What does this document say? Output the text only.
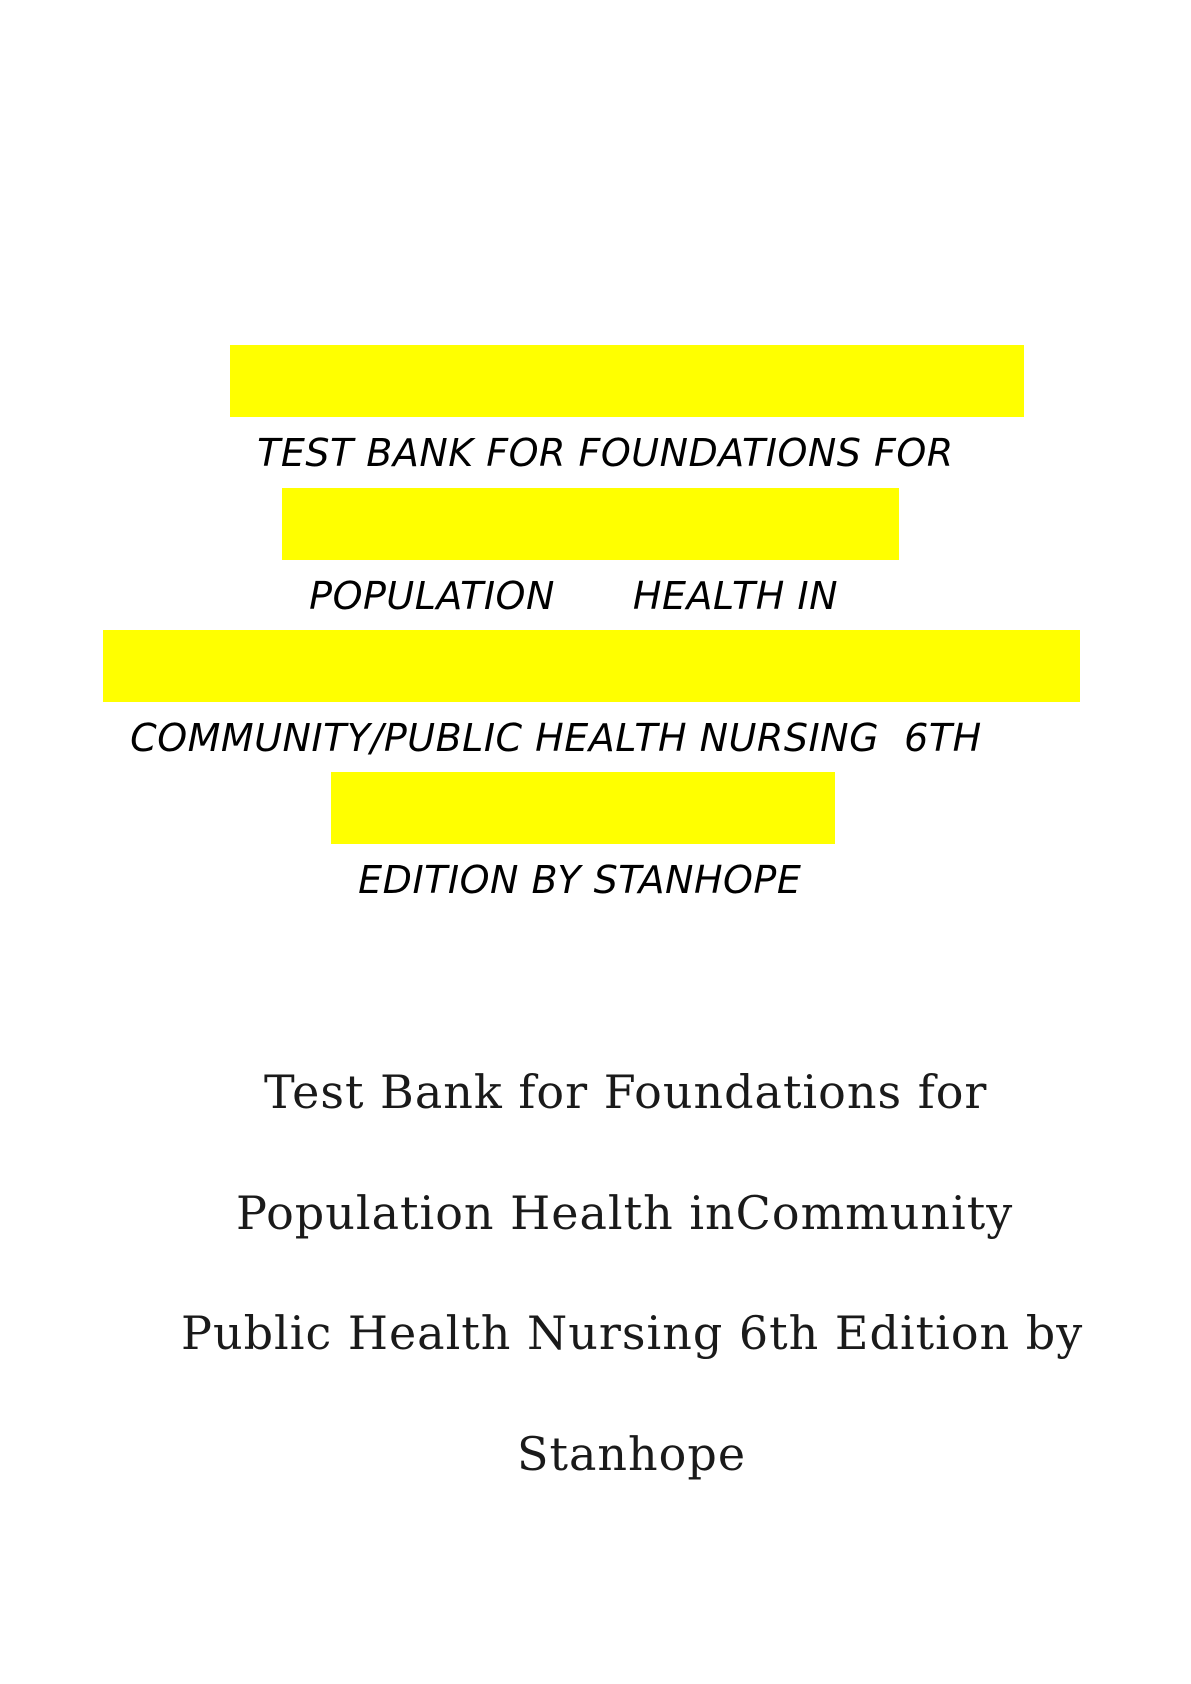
TEST BANK FOR FOUNDATIONS FOR

POPULATION HEALTH IN

COMMUNITY/PUBLIC HEALTH NURSING  6TH

EDITION BY STANHOPE

Test Bank for Foundations for
Population Health inCommunity
Public Health Nursing 6th Edition by
Stanhope
